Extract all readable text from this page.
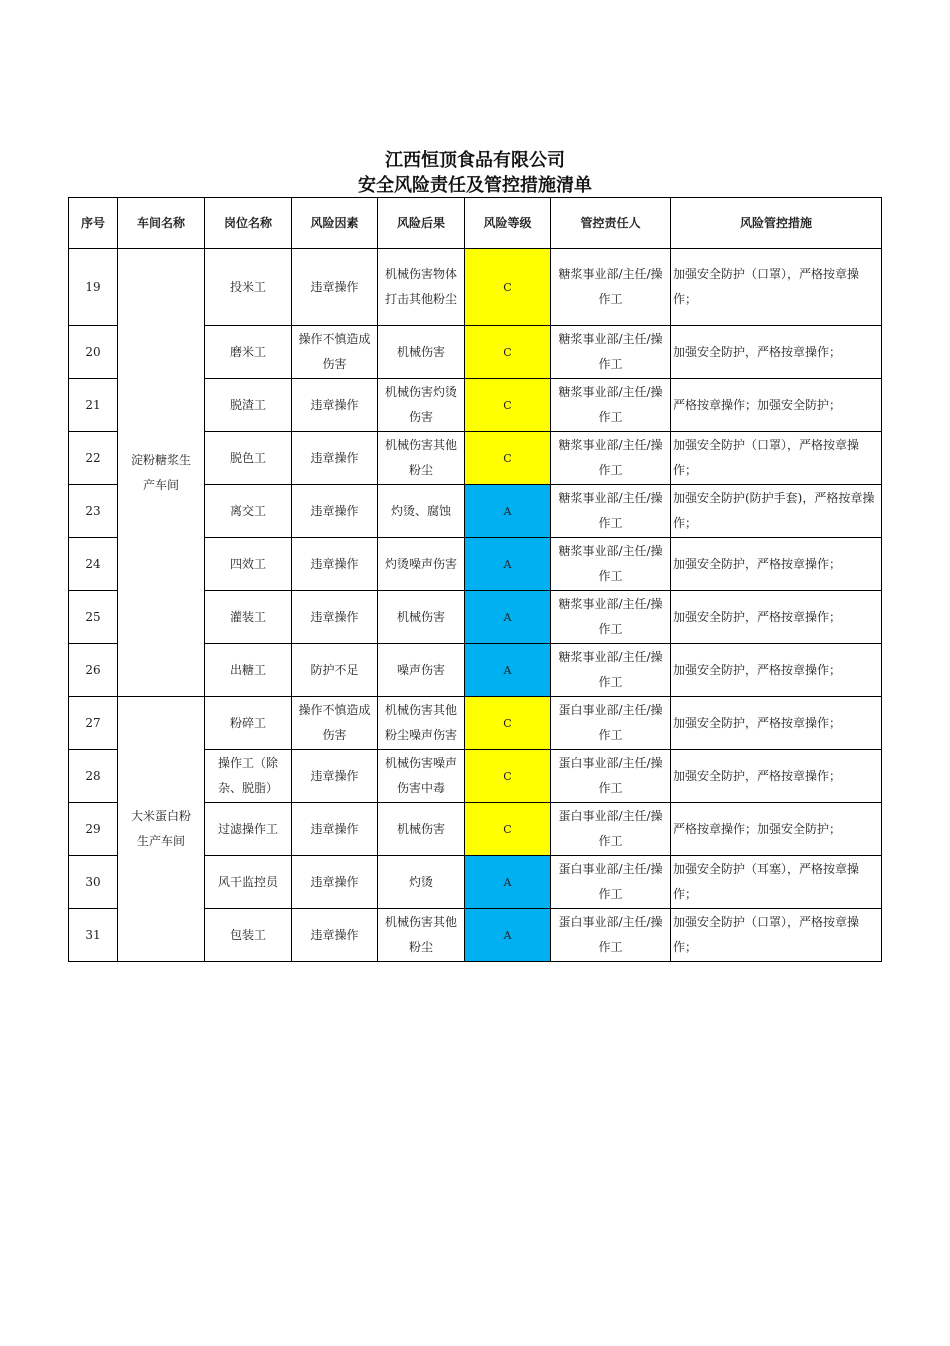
江西恒顶食品有限公司
安全风险责任及管控措施清单
序号	车间名称	岗位名称	风险因素	风险后果	风险等级	管控责任人	风险管控措施
19	淀粉糖浆生产车间	投米工	违章操作	机械伤害物体打击其他粉尘	C	糖浆事业部/主任/操作工	加强安全防护（口罩），严格按章操作；
20		磨米工	操作不慎造成伤害	机械伤害	C	糖浆事业部/主任/操作工	加强安全防护，严格按章操作；
21		脱渣工	违章操作	机械伤害灼烫伤害	C	糖浆事业部/主任/操作工	严格按章操作；加强安全防护；
22		脱色工	违章操作	机械伤害其他粉尘	C	糖浆事业部/主任/操作工	加强安全防护（口罩），严格按章操作；
23		离交工	违章操作	灼烫、腐蚀	A	糖浆事业部/主任/操作工	加强安全防护(防护手套)，严格按章操作；
24		四效工	违章操作	灼烫噪声伤害	A	糖浆事业部/主任/操作工	加强安全防护，严格按章操作；
25		灌装工	违章操作	机械伤害	A	糖浆事业部/主任/操作工	加强安全防护，严格按章操作；
26		出糖工	防护不足	噪声伤害	A	糖浆事业部/主任/操作工	加强安全防护，严格按章操作；
27	大米蛋白粉生产车间	粉碎工	操作不慎造成伤害	机械伤害其他粉尘噪声伤害	C	蛋白事业部/主任/操作工	加强安全防护，严格按章操作；
28		操作工（除杂、脱脂）	违章操作	机械伤害噪声伤害中毒	C	蛋白事业部/主任/操作工	加强安全防护，严格按章操作；
29		过滤操作工	违章操作	机械伤害	C	蛋白事业部/主任/操作工	严格按章操作；加强安全防护；
30		风干监控员	违章操作	灼烫	A	蛋白事业部/主任/操作工	加强安全防护（耳塞），严格按章操作；
31		包装工	违章操作	机械伤害其他粉尘	A	蛋白事业部/主任/操作工	加强安全防护（口罩），严格按章操作；
